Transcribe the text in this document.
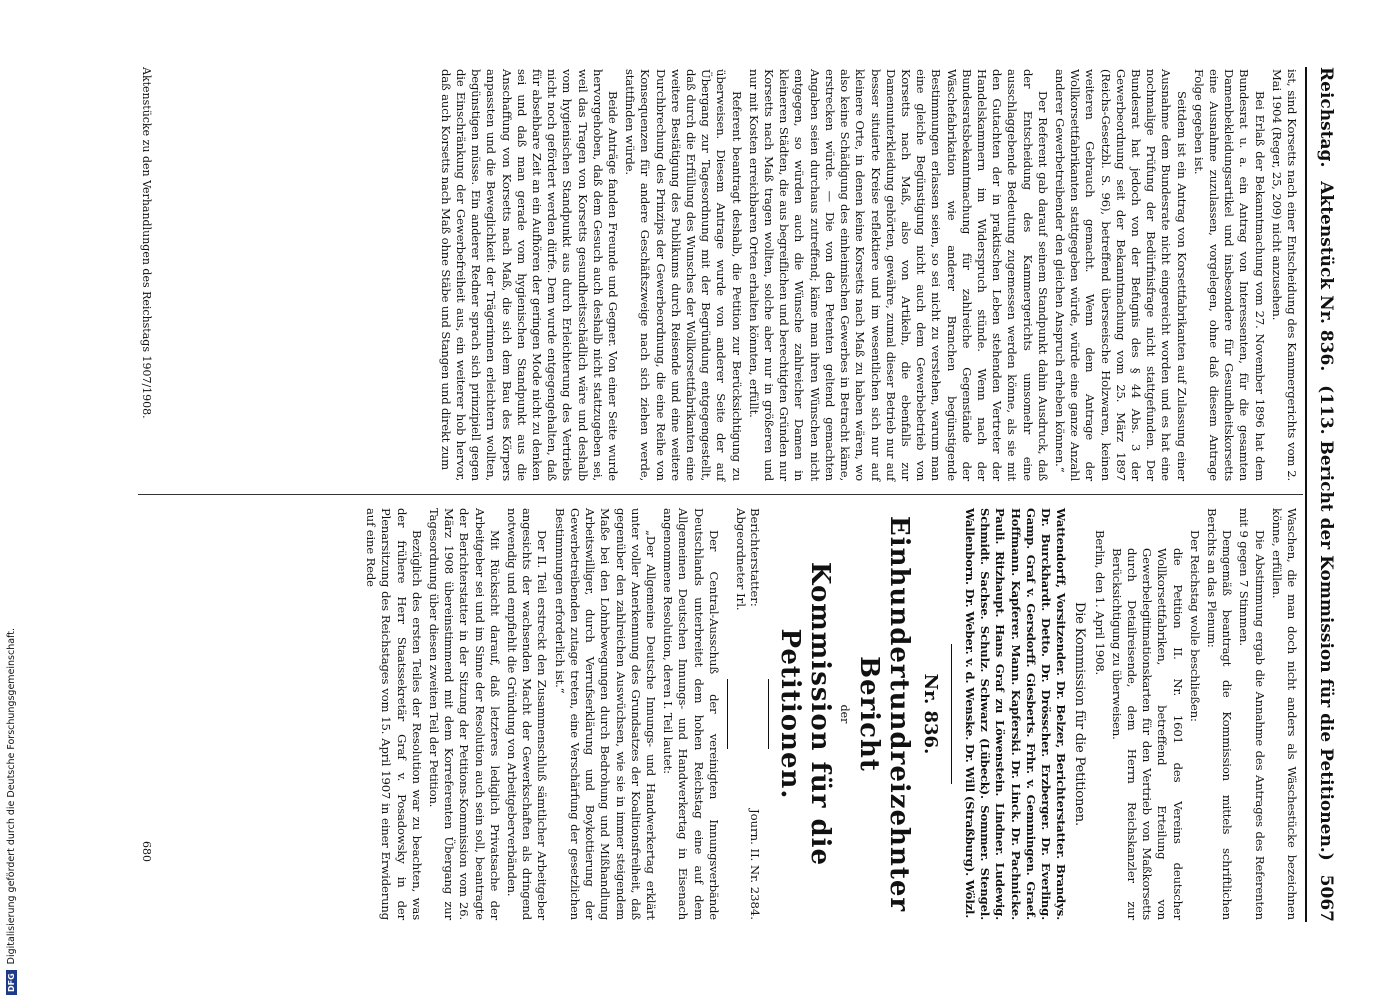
Reichstag.
Aktenstück Nr. 836.
(113. Bericht der Kommission für die Petitionen.)
5067

ist, sind Korsetts nach einer Entscheidung des Kammergerichts vom 2. Mai 1904 (Reger, 25, 209) nicht anzusehen.

Bei Erlaß der Bekanntmachung vom 27. November 1896 hat dem Bundesrat u. a. ein Antrag von Interessenten, für die gesamten Damenbekleidungsartikel und insbesondere für Gesundheitskorsetts eine Ausnahme zuzulassen, vorgelegen, ohne daß diesem Antrage Folge gegeben ist.

Seitdem ist ein Antrag von Korsettfabrikanten auf Zulassung einer Ausnahme dem Bundesrate nicht eingereicht worden und es hat eine nochmalige Prüfung der Bedürfnisfrage nicht stattgefunden. Der Bundesrat hat jedoch von der Befugnis des § 44 Abs. 3 der Gewerbeordnung seit der Bekanntmachung vom 25. März 1897 (Reichs-Gesetzbl. S. 96), betreffend überseeische Holzwaren, keinen weiteren Gebrauch gemacht. Wenn dem Antrage der Wollkorsettfabrikanten stattgegeben würde, würde eine ganze Anzahl anderer Gewerbetreibender den gleichen Anspruch erheben können.“

Der Referent gab darauf seinem Standpunkt dahin Ausdruck, daß der Entscheidung des Kammergerichts umsomehr eine ausschlaggebende Bedeutung zugemessen werden könne, als sie mit den Gutachten der in praktischen Leben stehenden Vertreter der Handelskammern im Widerspruch stünde. Wenn nach der Bundesratsbekanntmachung für zahlreiche Gegenstände der Wäschefabrikation wie anderer Branchen begünstigende Bestimmungen erlassen seien, so sei nicht zu verstehen, warum man eine gleiche Begünstigung nicht auch dem Gewerbebetrieb von Korsetts nach Maß, also von Artikeln, die ebenfalls zur Damenunterkleidung gehörten, gewähre, zumal dieser Betrieb nur auf besser situierte Kreise reflektiere und im wesentlichen sich nur auf kleinere Orte, in denen keine Korsetts nach Maß zu haben wären, wo also keine Schädigung des einheimischen Gewerbes in Betracht käme, erstrecken würde. — Die von den Petenten geltend gemachten Angaben seien durchaus zutreffend; käme man ihren Wünschen nicht entgegen, so würden auch die Wünsche zahlreicher Damen in kleineren Städten, die aus begreiflichen und berechtigten Gründen nur Korsetts nach Maß tragen wollten, solche aber nur in größeren und nur mit Kosten erreichbaren Orten erhalten könnten, erfüllt.

Referent beantragt deshalb, die Petition zur Berücksichtigung zu überweisen. Diesem Antrage wurde von anderer Seite der auf Übergang zur Tagesordnung mit der Begründung entgegengestellt, daß durch die Erfüllung des Wunsches der Wollkorsettfabrikanten eine weitere Bestätigung des Publikums durch Reisende und eine weitere Durchbrechung des Prinzips der Gewerbeordnung, die eine Reihe von Konsequenzen für andere Geschäftszweige nach sich ziehen werde, stattfinden würde.

Beide Anträge fanden Freunde und Gegner. Von einer Seite wurde hervorgehoben, daß dem Gesuch auch deshalb nicht stattzugeben sei, weil das Tragen von Korsetts gesundheitsschädlich wäre und deshalb vom hygienischen Standpunkt aus durch Erleichterung des Vertriebs nicht noch gefördert werden dürfe. Dem wurde entgegengehalten, daß für absehbare Zeit an ein Aufhören der geringen Mode nicht zu denken sei und daß man gerade vom hygienischen Standpunkt aus die Anschaffung von Korsetts nach Maß, die sich dem Bau des Körpers anpassten und die Beweglichkeit der Trägerinnen erleichtern wollten, begünstigen müsse. Ein anderer Redner sprach sich prinzipiell gegen die Einschränkung der Gewerbefreiheit aus, ein weiterer hob hervor, daß auch Korsetts nach Maß ohne Stäbe und Stangen und direkt zum

Waschen, die man doch nicht anders als Wäschestücke bezeichnen könne, erfüllen.

Die Abstimmung ergab die Annahme des Antrages des Referenten mit 9 gegen 7 Stimmen.

Demgemäß beantragt die Kommission mittels schriftlichen Berichts an das Plenum:

Der Reichstag wolle beschließen:

die Petition II. Nr. 1601 des Vereins deutscher Wollkorsettfabriken, betreffend Erteilung von Gewerbelegitimationskarten für den Vertrieb von Maßkorsetts durch Detailreisende, dem Herrn Reichskanzler zur Berücksichtigung zu überweisen.

Berlin, den 1. April 1908.

Die Kommission für die Petitionen.

Wattendorff, Vorsitzender. Dr. Belzer, Berichterstatter. Brandys. Dr. Burckhardt. Detto. Dr. Drösscher. Erzberger. Dr. Everling. Gamp. Graf v. Gersdorff. Giesberts. Frhr. v. Gemmingen. Graef. Hoffmann. Kapferer. Mann. Kapferski. Dr. Linck. Dr. Pachnicke. Pauli. Ritzhaupt. Hans Graf zu Löwenstein. Lindner. Ludewig. Schmidt. Sachse. Schulz. Schwarz (Lübeck). Sommer. Stengel. Wallenborn. Dr. Weber. v. d. Wenske. Dr. Will (Straßburg). Wölzl.

Nr. 836.
Einhundertundreizehnter Bericht
der
Kommission für die Petitionen.
Berichterstatter:
Abgeordneter Irl.
Journ. II. Nr. 2384.

Der Central-Ausschuß der vereinigten Innungsverbände Deutschlands unterbreitet dem hohen Reichstag eine auf dem Allgemeinen Deutschen Innungs- und Handwerkertag in Eisenach angenommene Resolution, deren I. Teil lautet:

„Der Allgemeine Deutsche Innungs- und Handwerkertag erklärt unter voller Anerkennung des Grundsatzes der Koalitionsfreiheit, daß gegenüber den zahlreichen Auswüchsen, wie sie in immer steigendem Maße bei den Lohnbewegungen durch Bedrohung und Mißhandlung Arbeitswilliger, durch Verrufserklärung und Boykottierung der Gewerbetreibenden zutage treten, eine Verschärfung der gesetzlichen Bestimmungen erforderlich ist.“

Der II. Teil erstreckt den Zusammenschluß sämtlicher Arbeitgeber angesichts der wachsenden Macht der Gewerkschaften als dringend notwendig und empfiehlt die Gründung von Arbeitgeberverbänden.

Mit Rücksicht darauf, daß letzteres lediglich Privatsache der Arbeitgeber sei und im Sinne der Resolution auch sein soll, beantragte der Berichterstatter in der Sitzung der Petitions-Kommission vom 26. März 1908 übereinstimmend mit dem Korreferenten Übergang zur Tagesordnung über diesen zweiten Teil der Petition.

Bezüglich des ersten Teiles der Resolution war zu beachten, was der frühere Herr Staatssekretär Graf v. Posadowsky in der Plenarsitzung des Reichstages vom 15. April 1907 in einer Erwiderung auf eine Rede

Aktenstücke zu den Verhandlungen des Reichstags 1907/1908.
680
DFG
Digitalisierung gefördert durch die Deutsche Forschungsgemeinschaft.
